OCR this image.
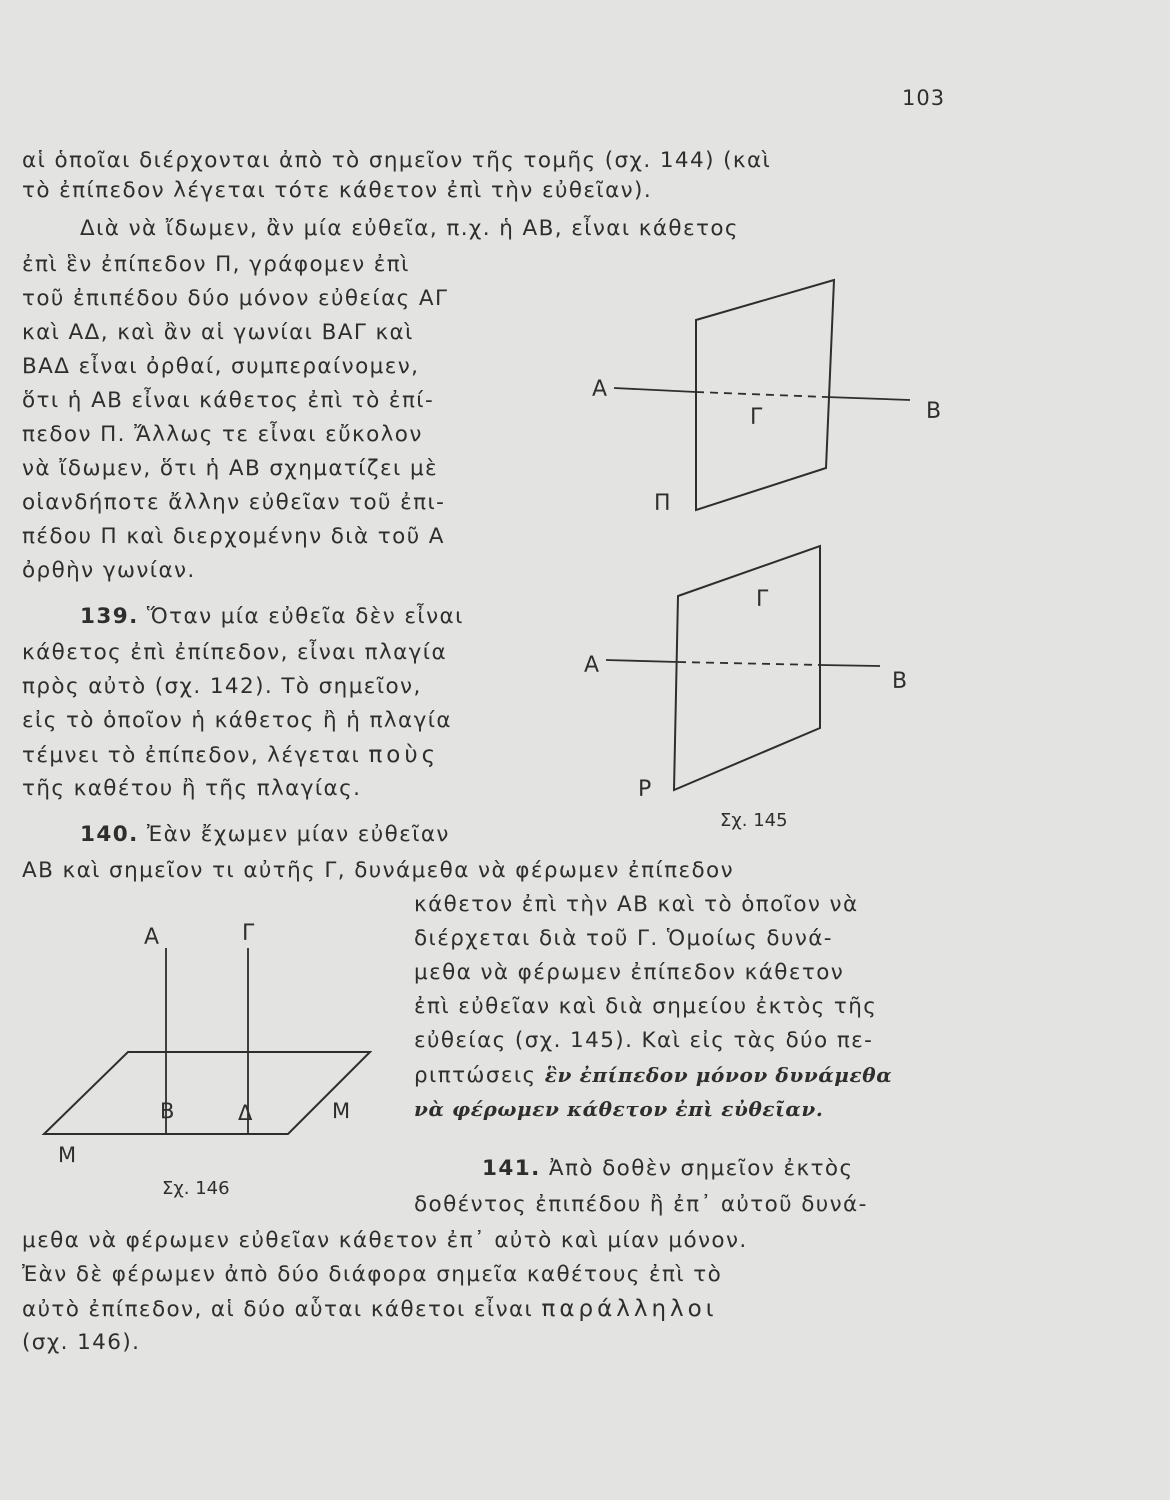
103
αἱ ὁποῖαι διέρχονται ἀπὸ τὸ σημεῖον τῆς τομῆς (σχ. 144) (καὶ
τὸ ἐπίπεδον λέγεται τότε κάθετον ἐπὶ τὴν εὐθεῖαν).
Διὰ νὰ ἴδωμεν, ἂν μία εὐθεῖα, π.χ. ἡ ΑΒ, εἶναι κάθετος
ἐπὶ ἓν ἐπίπεδον Π, γράφομεν ἐπὶ
τοῦ ἐπιπέδου δύο μόνον εὐθείας ΑΓ
καὶ ΑΔ, καὶ ἂν αἱ γωνίαι ΒΑΓ καὶ
ΒΑΔ εἶναι ὀρθαί, συμπεραίνομεν,
ὅτι ἡ ΑΒ εἶναι κάθετος ἐπὶ τὸ ἐπί-
πεδον Π. Ἄλλως τε εἶναι εὔκολον
νὰ ἴδωμεν, ὅτι ἡ ΑΒ σχηματίζει μὲ
οἱανδήποτε ἄλλην εὐθεῖαν τοῦ ἐπι-
πέδου Π καὶ διερχομένην διὰ τοῦ Α
ὀρθὴν γωνίαν.
139. Ὅταν μία εὐθεῖα δὲν εἶναι
κάθετος ἐπὶ ἐπίπεδον, εἶναι πλαγία
πρὸς αὐτὸ (σχ. 142). Τὸ σημεῖον,
εἰς τὸ ὁποῖον ἡ κάθετος ἢ ἡ πλαγία
τέμνει τὸ ἐπίπεδον, λέγεται ποὺς
τῆς καθέτου ἢ τῆς πλαγίας.
140. Ἐὰν ἔχωμεν μίαν εὐθεῖαν
ΑΒ καὶ σημεῖον τι αὐτῆς Γ, δυνάμεθα νὰ φέρωμεν ἐπίπεδον
κάθετον ἐπὶ τὴν ΑΒ καὶ τὸ ὁποῖον νὰ
διέρχεται διὰ τοῦ Γ. Ὁμοίως δυνά-
μεθα νὰ φέρωμεν ἐπίπεδον κάθετον
ἐπὶ εὐθεῖαν καὶ διὰ σημείου ἐκτὸς τῆς
εὐθείας (σχ. 145). Καὶ εἰς τὰς δύο πε-
ριπτώσεις ἓν ἐπίπεδον μόνον δυνάμεθα
νὰ φέρωμεν κάθετον ἐπὶ εὐθεῖαν.
141. Ἀπὸ δοθὲν σημεῖον ἐκτὸς
δοθέντος ἐπιπέδου ἢ ἐπ᾽ αὐτοῦ δυνά-
μεθα νὰ φέρωμεν εὐθεῖαν κάθετον ἐπ᾽ αὐτὸ καὶ μίαν μόνον.
Ἐὰν δὲ φέρωμεν ἀπὸ δύο διάφορα σημεῖα καθέτους ἐπὶ τὸ
αὐτὸ ἐπίπεδον, αἱ δύο αὗται κάθετοι εἶναι παράλληλοι
(σχ. 146).
Α
Β
Γ
Π
Α
Β
Γ
Ρ
Σχ. 145
Α	Γ
Β	Δ	Μ
Μ
Σχ. 146
